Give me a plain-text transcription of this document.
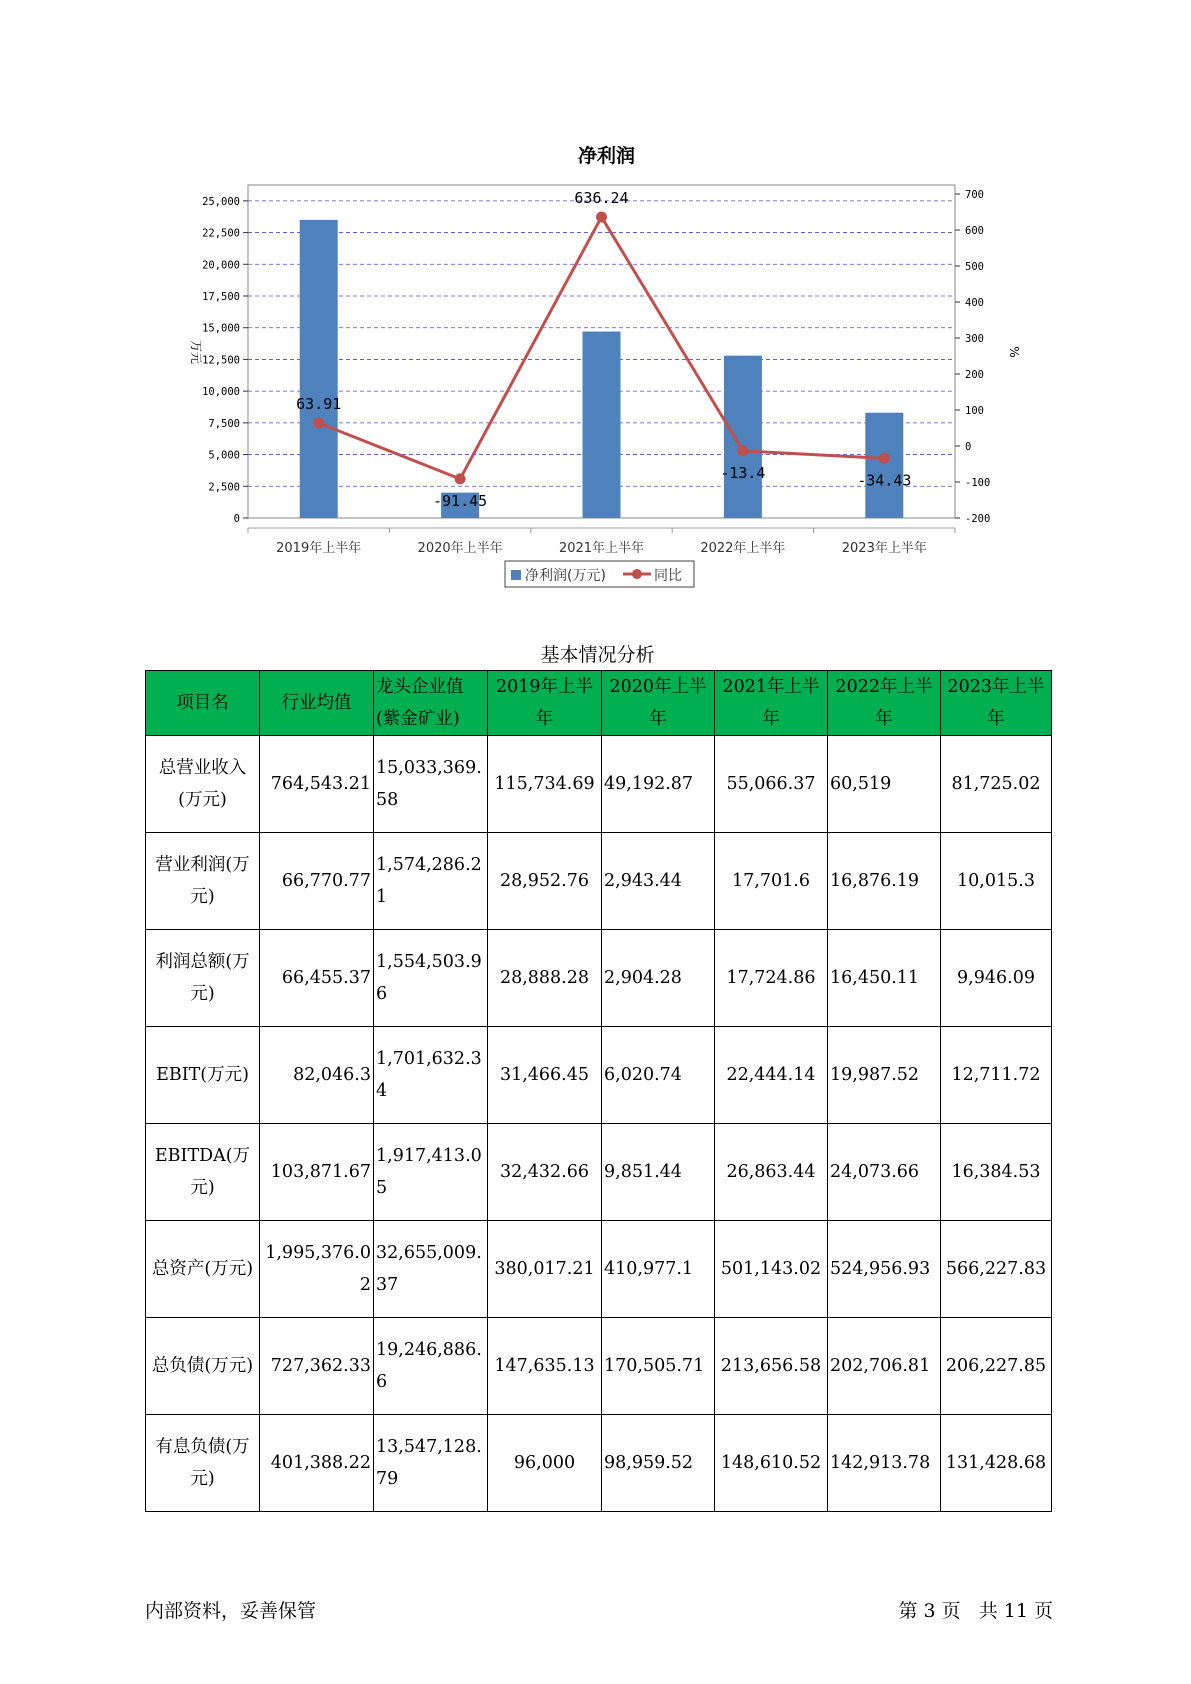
净利润
0
2,500
5,000
7,500
10,000
12,500
15,000
17,500
20,000
22,500
25,000
-200
-100
0
100
200
300
400
500
600
700
万元	%
2019年上半年	2020年上半年	2021年上半年	2022年上半年	2023年上半年
63.91
-91.45
636.24
-13.4	-34.43
净利润(万元)	同比
基本情况分析
项目名	行业均值	龙头企业值(紫金矿业)	2019年上半年	2020年上半年	2021年上半年	2022年上半年	2023年上半年
总营业收入(万元)	764,543.21	15,033,369.58	115,734.69	49,192.87	55,066.37	60,519	81,725.02
营业利润(万元)	66,770.77	1,574,286.21	28,952.76	2,943.44	17,701.6	16,876.19	10,015.3
利润总额(万元)	66,455.37	1,554,503.96	28,888.28	2,904.28	17,724.86	16,450.11	9,946.09
EBIT(万元)	82,046.3	1,701,632.34	31,466.45	6,020.74	22,444.14	19,987.52	12,711.72
EBITDA(万元)	103,871.67	1,917,413.05	32,432.66	9,851.44	26,863.44	24,073.66	16,384.53
总资产(万元)	1,995,376.02	32,655,009.37	380,017.21	410,977.1	501,143.02	524,956.93	566,227.83
总负债(万元)	727,362.33	19,246,886.6	147,635.13	170,505.71	213,656.58	202,706.81	206,227.85
有息负债(万元)	401,388.22	13,547,128.79	96,000	98,959.52	148,610.52	142,913.78	131,428.68
内部资料，妥善保管	第 3 页   共 11 页
